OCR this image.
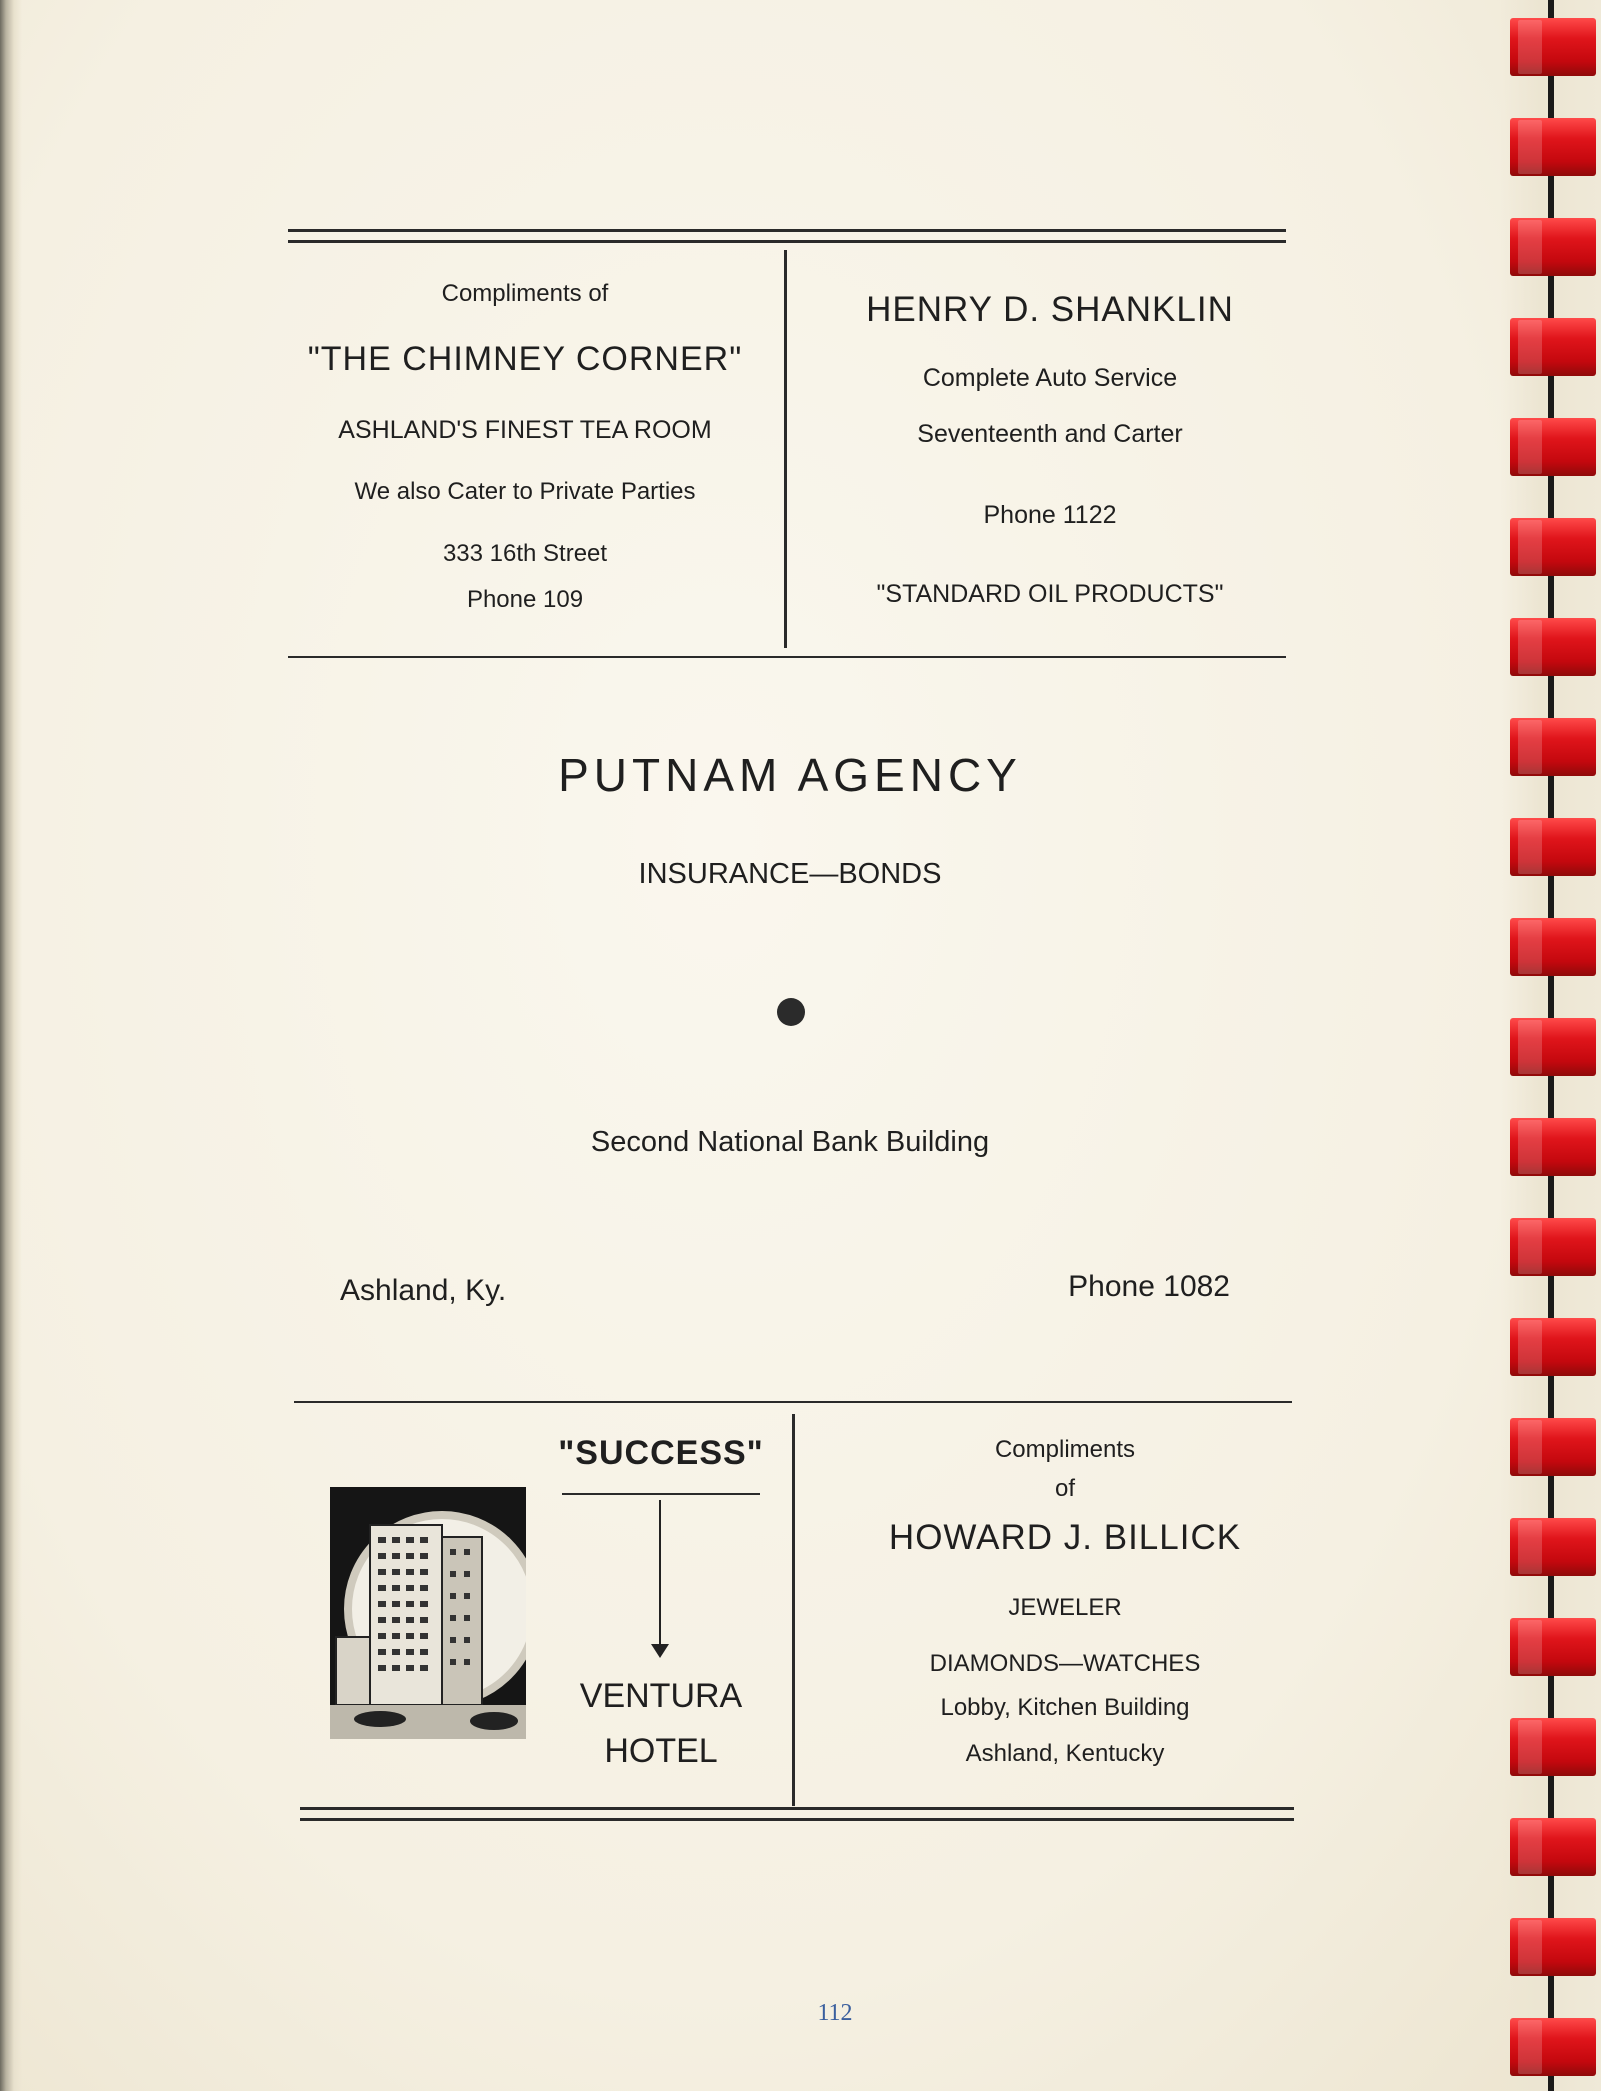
Compliments of
"THE CHIMNEY CORNER"
ASHLAND'S FINEST TEA ROOM
We also Cater to Private Parties
333 16th Street
Phone 109
HENRY D. SHANKLIN
Complete Auto Service
Seventeenth and Carter
Phone 1122
"STANDARD OIL PRODUCTS"
PUTNAM AGENCY
INSURANCE—BONDS
Second National Bank Building
Ashland, Ky.	Phone 1082
"SUCCESS"
VENTURA
HOTEL
Compliments
of
HOWARD J. BILLICK
JEWELER
DIAMONDS—WATCHES
Lobby, Kitchen Building
Ashland, Kentucky
112
